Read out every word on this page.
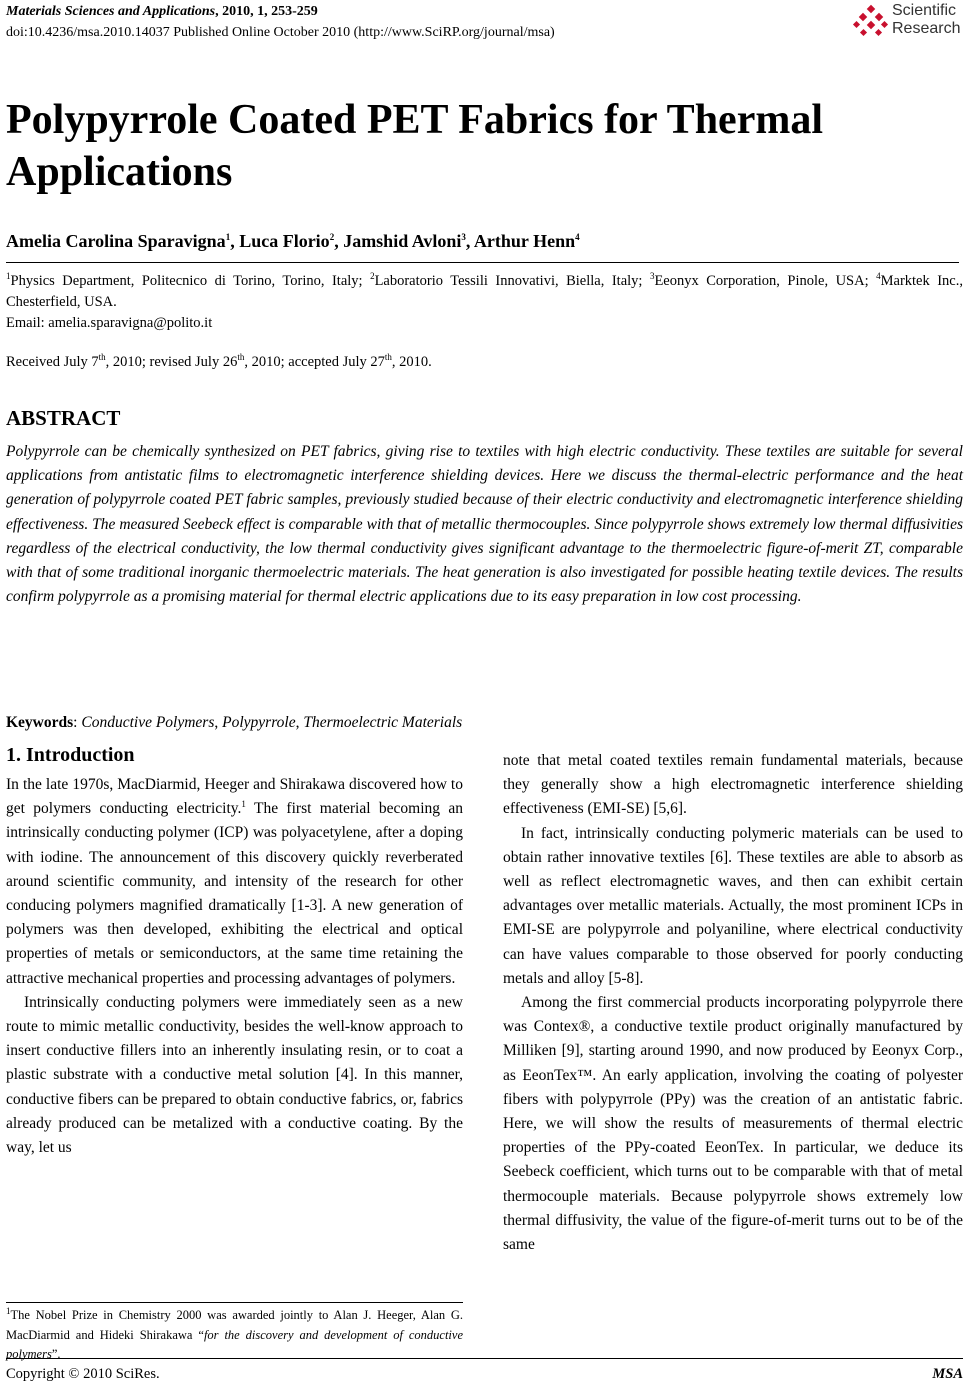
Materials Sciences and Applications, 2010, 1, 253-259
doi:10.4236/msa.2010.14037 Published Online October 2010 (http://www.SciRP.org/journal/msa)
Scientific
Research
Polypyrrole Coated PET Fabrics for Thermal Applications
Amelia Carolina Sparavigna$^1$, Luca Florio$^2$, Jamshid Avloni$^3$, Arthur Henn$^4$
$^1$Physics Department, Politecnico di Torino, Torino, Italy; $^2$Laboratorio Tessili Innovativi, Biella, Italy; $^3$Eeonyx Corporation, Pinole, USA; $^4$Marktek Inc., Chesterfield, USA.
Email: amelia.sparavigna@polito.it
Received July 7th, 2010; revised July 26th, 2010; accepted July 27th, 2010.
ABSTRACT
Polypyrrole can be chemically synthesized on PET fabrics, giving rise to textiles with high electric conductivity. These textiles are suitable for several applications from antistatic films to electromagnetic interference shielding devices. Here we discuss the thermal-electric performance and the heat generation of polypyrrole coated PET fabric samples, previously studied because of their electric conductivity and electromagnetic interference shielding effectiveness. The measured Seebeck effect is comparable with that of metallic thermocouples. Since polypyrrole shows extremely low thermal diffusivities regardless of the electrical conductivity, the low thermal conductivity gives significant advantage to the thermoelectric figure-of-merit ZT, comparable with that of some traditional inorganic thermoelectric materials. The heat generation is also investigated for possible heating textile devices. The results confirm polypyrrole as a promising material for thermal electric applications due to its easy preparation in low cost processing.
Keywords: Conductive Polymers, Polypyrrole, Thermoelectric Materials
1. Introduction

In the late 1970s, MacDiarmid, Heeger and Shirakawa discovered how to get polymers conducting electricity.$^1$ The first material becoming an intrinsically conducting polymer (ICP) was polyacetylene, after a doping with iodine. The announcement of this discovery quickly reverberated around scientific community, and intensity of the research for other conducing polymers magnified dramatically [1-3]. A new generation of polymers was then developed, exhibiting the electrical and optical properties of metals or semiconductors, at the same time retaining the attractive mechanical properties and processing advantages of polymers.

Intrinsically conducting polymers were immediately seen as a new route to mimic metallic conductivity, besides the well-know approach to insert conductive fillers into an inherently insulating resin, or to coat a plastic substrate with a conductive metal solution [4]. In this manner, conductive fibers can be prepared to obtain conductive fabrics, or, fabrics already produced can be metalized with a conductive coating. By the way, let us

note that metal coated textiles remain fundamental materials, because they generally show a high electromagnetic interference shielding effectiveness (EMI-SE) [5,6].

In fact, intrinsically conducting polymeric materials can be used to obtain rather innovative textiles [6]. These textiles are able to absorb as well as reflect electromagnetic waves, and then can exhibit certain advantages over metallic materials. Actually, the most prominent ICPs in EMI-SE are polypyrrole and polyaniline, where electrical conductivity can have values comparable to those observed for poorly conducting metals and alloy [5-8].

Among the first commercial products incorporating polypyrrole there was Contex®, a conductive textile product originally manufactured by Milliken [9], starting around 1990, and now produced by Eeonyx Corp., as EeonTex™. An early application, involving the coating of polyester fibers with polypyrrole (PPy) was the creation of an antistatic fabric. Here, we will show the results of measurements of thermal electric properties of the PPy-coated EeonTex. In particular, we deduce its Seebeck coefficient, which turns out to be comparable with that of metal thermocouple materials. Because polypyrrole shows extremely low thermal diffusivity, the value of the figure-of-merit turns out to be of the same

$^1$The Nobel Prize in Chemistry 2000 was awarded jointly to Alan J. Heeger, Alan G. MacDiarmid and Hideki Shirakawa “for the discovery and development of conductive polymers”.
Copyright © 2010 SciRes.	MSA
